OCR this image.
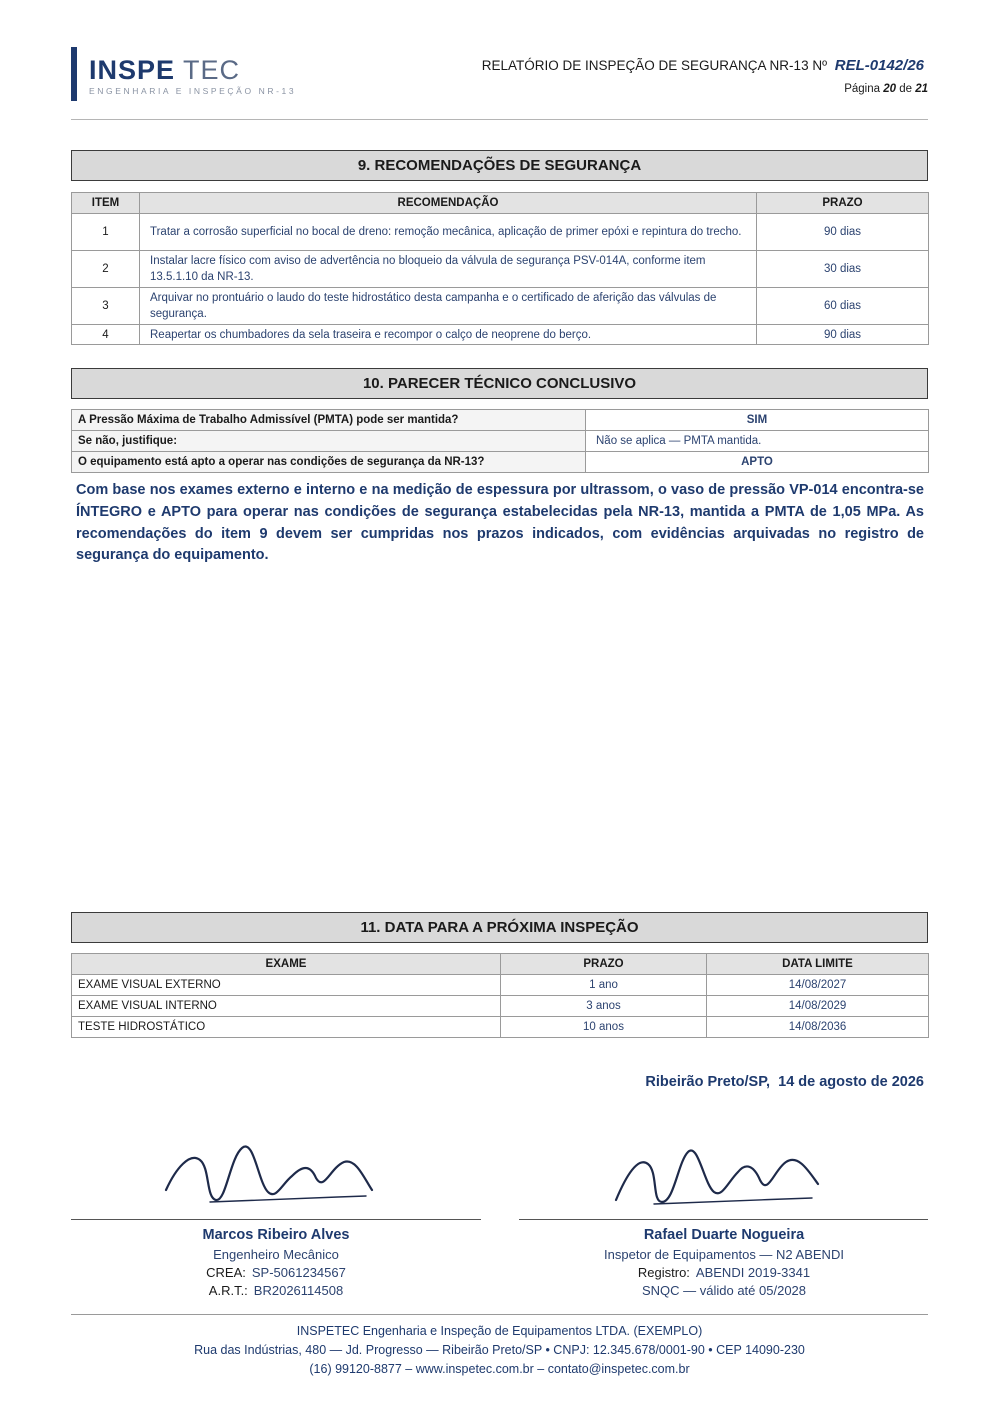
INSPE TEC
ENGENHARIA E INSPEÇÃO NR-13
RELATÓRIO DE INSPEÇÃO DE SEGURANÇA NR-13 Nº REL-0142/26
Página 20 de 21
9. RECOMENDAÇÕES DE SEGURANÇA
ITEM	RECOMENDAÇÃO	PRAZO
1	Tratar a corrosão superficial no bocal de dreno: remoção mecânica, aplicação de primer epóxi e repintura do trecho.	90 dias
2	Instalar lacre físico com aviso de advertência no bloqueio da válvula de segurança PSV-014A, conforme item 13.5.1.10 da NR-13.	30 dias
3	Arquivar no prontuário o laudo do teste hidrostático desta campanha e o certificado de aferição das válvulas de segurança.	60 dias
4	Reapertar os chumbadores da sela traseira e recompor o calço de neoprene do berço.	90 dias
10. PARECER TÉCNICO CONCLUSIVO
A Pressão Máxima de Trabalho Admissível (PMTA) pode ser mantida?	SIM
Se não, justifique:	Não se aplica — PMTA mantida.
O equipamento está apto a operar nas condições de segurança da NR-13?	APTO
Com base nos exames externo e interno e na medição de espessura por ultrassom, o vaso de pressão VP-014 encontra-se ÍNTEGRO e APTO para operar nas condições de segurança estabelecidas pela NR-13, mantida a PMTA de 1,05 MPa. As recomendações do item 9 devem ser cumpridas nos prazos indicados, com evidências arquivadas no registro de segurança do equipamento.
11. DATA PARA A PRÓXIMA INSPEÇÃO
EXAME	PRAZO	DATA LIMITE
EXAME VISUAL EXTERNO	1 ano	14/08/2027
EXAME VISUAL INTERNO	3 anos	14/08/2029
TESTE HIDROSTÁTICO	10 anos	14/08/2036
Ribeirão Preto/SP, 14 de agosto de 2026
Marcos Ribeiro Alves
Engenheiro Mecânico
CREA: SP-5061234567
A.R.T.: BR2026114508
Rafael Duarte Nogueira
Inspetor de Equipamentos — N2 ABENDI
Registro: ABENDI 2019-3341
SNQC — válido até 05/2028
INSPETEC Engenharia e Inspeção de Equipamentos LTDA. (EXEMPLO)
Rua das Indústrias, 480 — Jd. Progresso — Ribeirão Preto/SP • CNPJ: 12.345.678/0001-90 • CEP 14090-230
(16) 99120-8877 – www.inspetec.com.br – contato@inspetec.com.br
